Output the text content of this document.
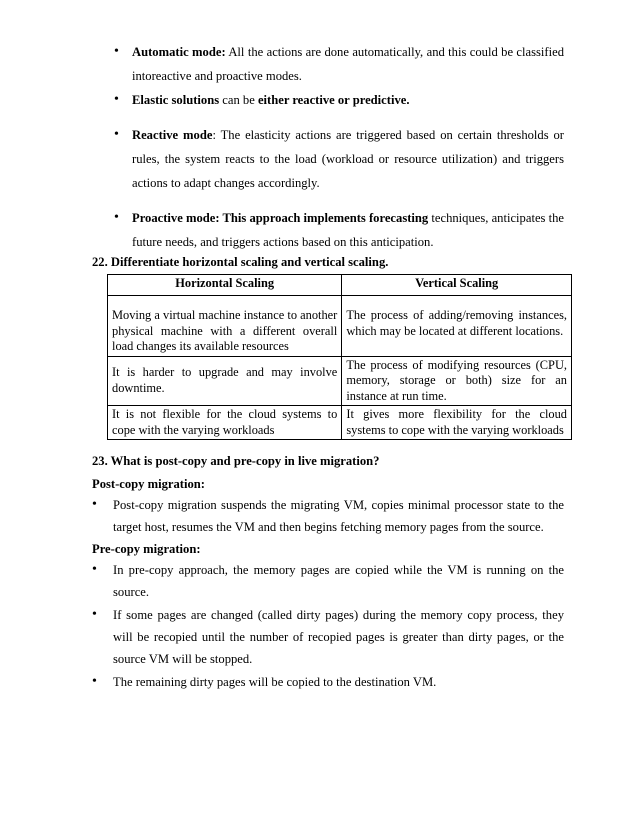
• Automatic mode: All the actions are done automatically, and this could be classified intoreactive and proactive modes.
• Elastic solutions can be either reactive or predictive.
• Reactive mode: The elasticity actions are triggered based on certain thresholds or rules, the system reacts to the load (workload or resource utilization) and triggers actions to adapt changes accordingly.
• Proactive mode: This approach implements forecasting techniques, anticipates the future needs, and triggers actions based on this anticipation.
22. Differentiate horizontal scaling and vertical scaling.
Horizontal Scaling	Vertical Scaling
Moving a virtual machine instance to another physical machine with a different overall load changes its available resources	The process of adding/removing instances, which may be located at different locations.
It is harder to upgrade and may involve downtime.	The process of modifying resources (CPU, memory, storage or both) size for an instance at run time.
It is not flexible for the cloud systems to cope with the varying workloads	It gives more flexibility for the cloud systems to cope with the varying workloads
23. What is post-copy and pre-copy in live migration?
Post-copy migration:
• Post-copy migration suspends the migrating VM, copies minimal processor state to the target host, resumes the VM and then begins fetching memory pages from the source.
Pre-copy migration:
• In pre-copy approach, the memory pages are copied while the VM is running on the source.
• If some pages are changed (called dirty pages) during the memory copy process, they will be recopied until the number of recopied pages is greater than dirty pages, or the source VM will be stopped.
• The remaining dirty pages will be copied to the destination VM.
